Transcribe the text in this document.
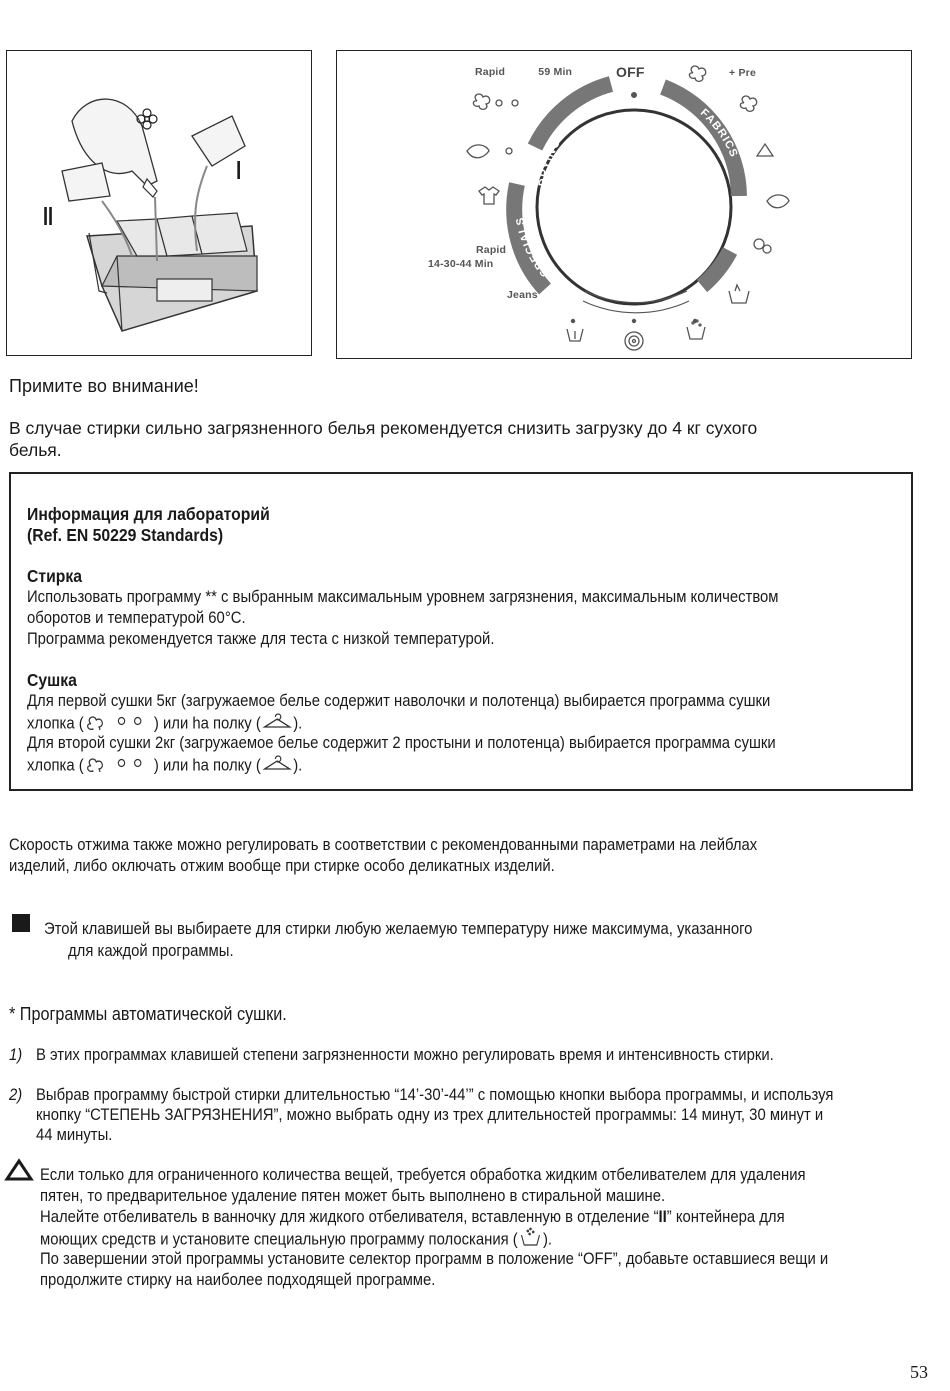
I
II
DRYING
FABRICS
SPECIALS
Rapid	59 Min	OFF	+ Pre
Rapid
14-30-44 Min
Jeans
Примите во внимание!
В случае стирки сильно загрязненного белья рекомендуется снизить загрузку до 4 кг сухого
белья.
Информация для лабораторий
(Ref. EN 50229 Standards)
Стирка
Использовать программу ** с выбранным максимальным уровнем загрязнения, максимальным количеством
оборотов и температурой 60°С.
Программа рекомендуется также для теста с низкой температурой.
Сушка
Для первой сушки 5кг (загружаемое белье содержит наволочки и полотенца) выбирается программа сушки
хлопка (	) или hа полку ( ).
Для второй сушки 2кг (загружаемое белье содержит 2 простыни и полотенца) выбирается программа сушки
хлопка (	) или hа полку ( ).
Скорость отжима также можно регулировать в соответствии с рекомендованными параметрами на лейблах
изделий, либо оключать отжим вообще при стирке особо деликатных изделий.
Этой клавишей вы выбираете для стирки любую желаемую температуру ниже максимума, указанного
для каждой программы.
* Программы автоматической сушки.
1) В этих программах клавишей степени загрязненности можно регулировать время и интенсивность стирки.
2) Выбрав программу быстрой стирки длительностью “14’-30’-44’” с помощью кнопки выбора программы, и используя
кнопку “СТЕПЕНЬ ЗАГРЯЗНЕНИЯ”, можно выбрать одну из трех длительностей программы: 14 минут, 30 минут и
44 минуты.
Если только для ограниченного количества вещей, требуется обработка жидким отбеливателем для удаления
пятен, то предварительное удаление пятен может быть выполнено в стиральной машине.
Налейте отбеливатель в ванночку для жидкого отбеливателя, вставленную в отделение “II” контейнера для
моющих средств и установите специальную программу полоскания ( ).
По завершении этой программы установите селектор программ в положение “OFF”, добавьте оставшиеся вещи и
продолжите стирку на наиболее подходящей программе.
53
